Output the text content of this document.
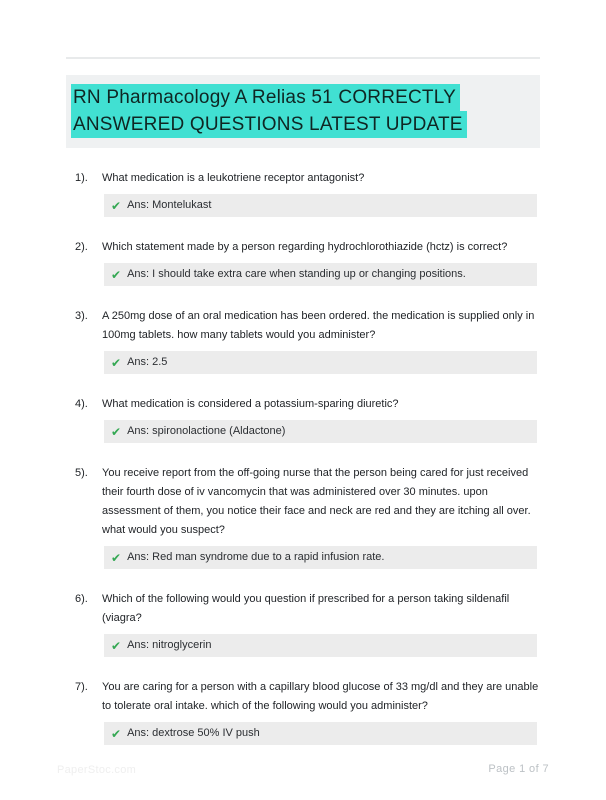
RN Pharmacology A Relias 51 CORRECTLY
ANSWERED QUESTIONS LATEST UPDATE
1).	What medication is a leukotriene receptor antagonist?
✔ Ans: Montelukast
2).	Which statement made by a person regarding hydrochlorothiazide (hctz) is correct?
✔ Ans: I should take extra care when standing up or changing positions.
3).	A 250mg dose of an oral medication has been ordered. the medication is supplied only in 100mg tablets. how many tablets would you administer?
✔ Ans: 2.5
4).	What medication is considered a potassium-sparing diuretic?
✔ Ans: spironolactione (Aldactone)
5).	You receive report from the off-going nurse that the person being cared for just received their fourth dose of iv vancomycin that was administered over 30 minutes. upon assessment of them, you notice their face and neck are red and they are itching all over. what would you suspect?
✔ Ans: Red man syndrome due to a rapid infusion rate.
6).	Which of the following would you question if prescribed for a person taking sildenafil (viagra?
✔ Ans: nitroglycerin
7).	You are caring for a person with a capillary blood glucose of 33 mg/dl and they are unable to tolerate oral intake. which of the following would you administer?
✔ Ans: dextrose 50% IV push
PaperStoc.com	Page 1 of 7
